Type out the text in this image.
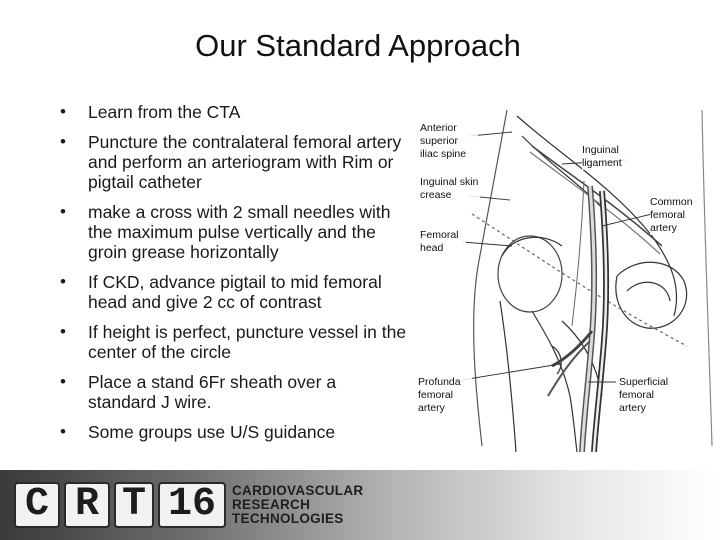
Our Standard Approach
• Learn from the CTA
• Puncture the contralateral femoral artery and perform an arteriogram with Rim or pigtail catheter
• make a cross with 2 small needles with the maximum pulse vertically and the groin grease horizontally
• If CKD, advance pigtail to mid femoral head and give 2 cc of contrast
• If height is perfect, puncture vessel in the center of the circle
• Place a stand 6Fr sheath over a standard J wire.
• Some groups use U/S guidance
Anterior superior iliac spine
Inguinal skin crease
Femoral head
Profunda femoral artery
Inguinal ligament
Common femoral artery
Superficial femoral artery
C R T 16	CARDIOVASCULAR
RESEARCH
TECHNOLOGIES
